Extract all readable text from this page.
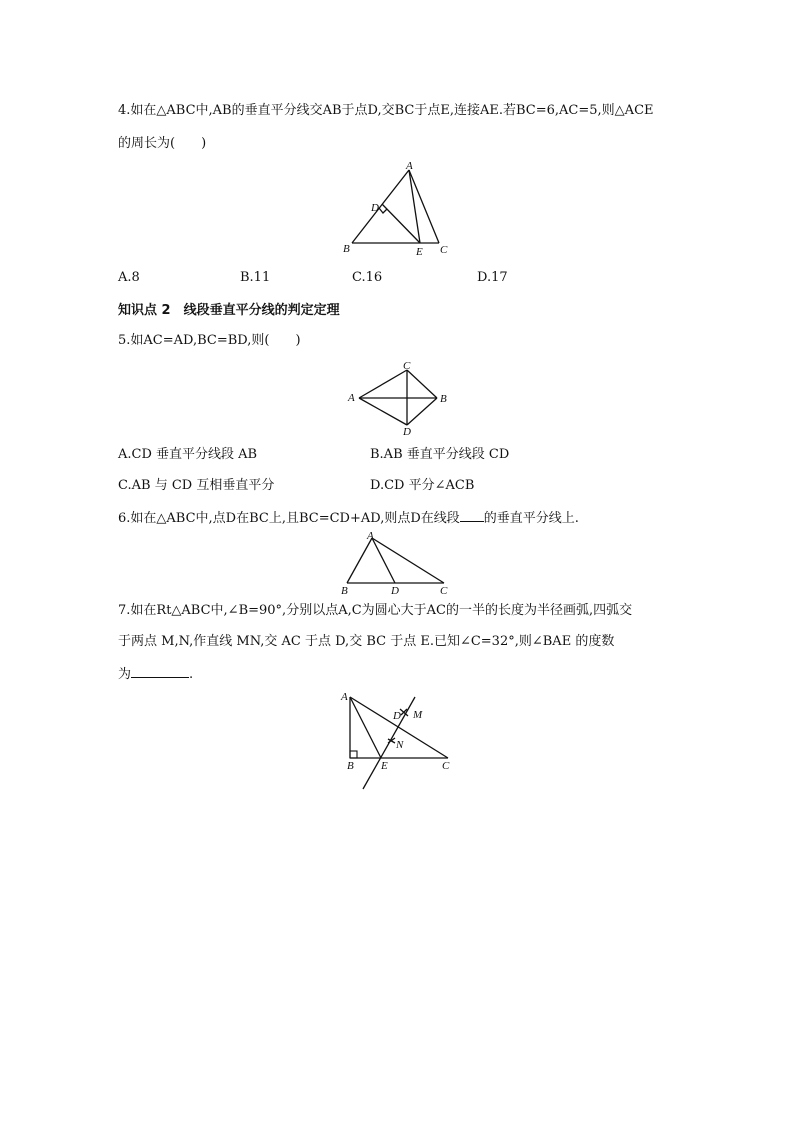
4.如在△ABC中,AB的垂直平分线交AB于点D,交BC于点E,连接AE.若BC=6,AC=5,则△ACE
的周长为(　　)
A
D
B	E C
A.8	B.11	C.16	D.17
知识点 2　线段垂直平分线的判定定理
5.如AC=AD,BC=BD,则(　　)
C
A	B
D
A.CD 垂直平分线段 AB	B.AB 垂直平分线段 CD
C.AB 与 CD 互相垂直平分	D.CD 平分∠ACB
6.如在△ABC中,点D在BC上,且BC=CD+AD,则点D在线段 的垂直平分线上.
A
B	D	C
7.如在Rt△ABC中,∠B=90°,分别以点A,C为圆心大于AC的一半的长度为半径画弧,四弧交
于两点 M,N,作直线 MN,交 AC 于点 D,交 BC 于点 E.已知∠C=32°,则∠BAE 的度数
为	.
A
D M
N
B E	C
